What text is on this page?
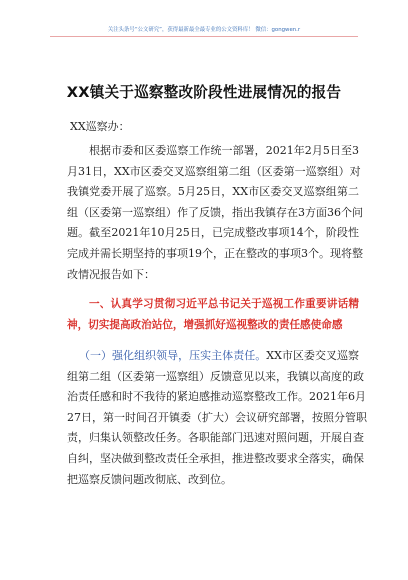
关注头条号“公文研究”，获得最新最全最专业的公文资料库！ 微信：gongwen.r
XX镇关于巡察整改阶段性进展情况的报告
XX巡察办：
根据市委和区委巡察工作统一部署，2021年2月5日至3
月31日，XX市区委交叉巡察组第二组（区委第一巡察组）对
我镇党委开展了巡察。5月25日，XX市区委交叉巡察组第二
组（区委第一巡察组）作了反馈，指出我镇存在3方面36个问
题。截至2021年10月25日，已完成整改事项14个，阶段性
完成并需长期坚持的事项19个，正在整改的事项3个。现将整
改情况报告如下：
一、认真学习贯彻习近平总书记关于巡视工作重要讲话精
神，切实提高政治站位，增强抓好巡视整改的责任感使命感
（一）强化组织领导，压实主体责任。XX市区委交叉巡察
组第二组（区委第一巡察组）反馈意见以来，我镇以高度的政
治责任感和时不我待的紧迫感推动巡察整改工作。2021年6月
27日，第一时间召开镇委（扩大）会议研究部署，按照分管职
责，归集认领整改任务。各职能部门迅速对照问题，开展自查
自纠，坚决做到整改责任全承担，推进整改要求全落实，确保
把巡察反馈问题改彻底、改到位。
